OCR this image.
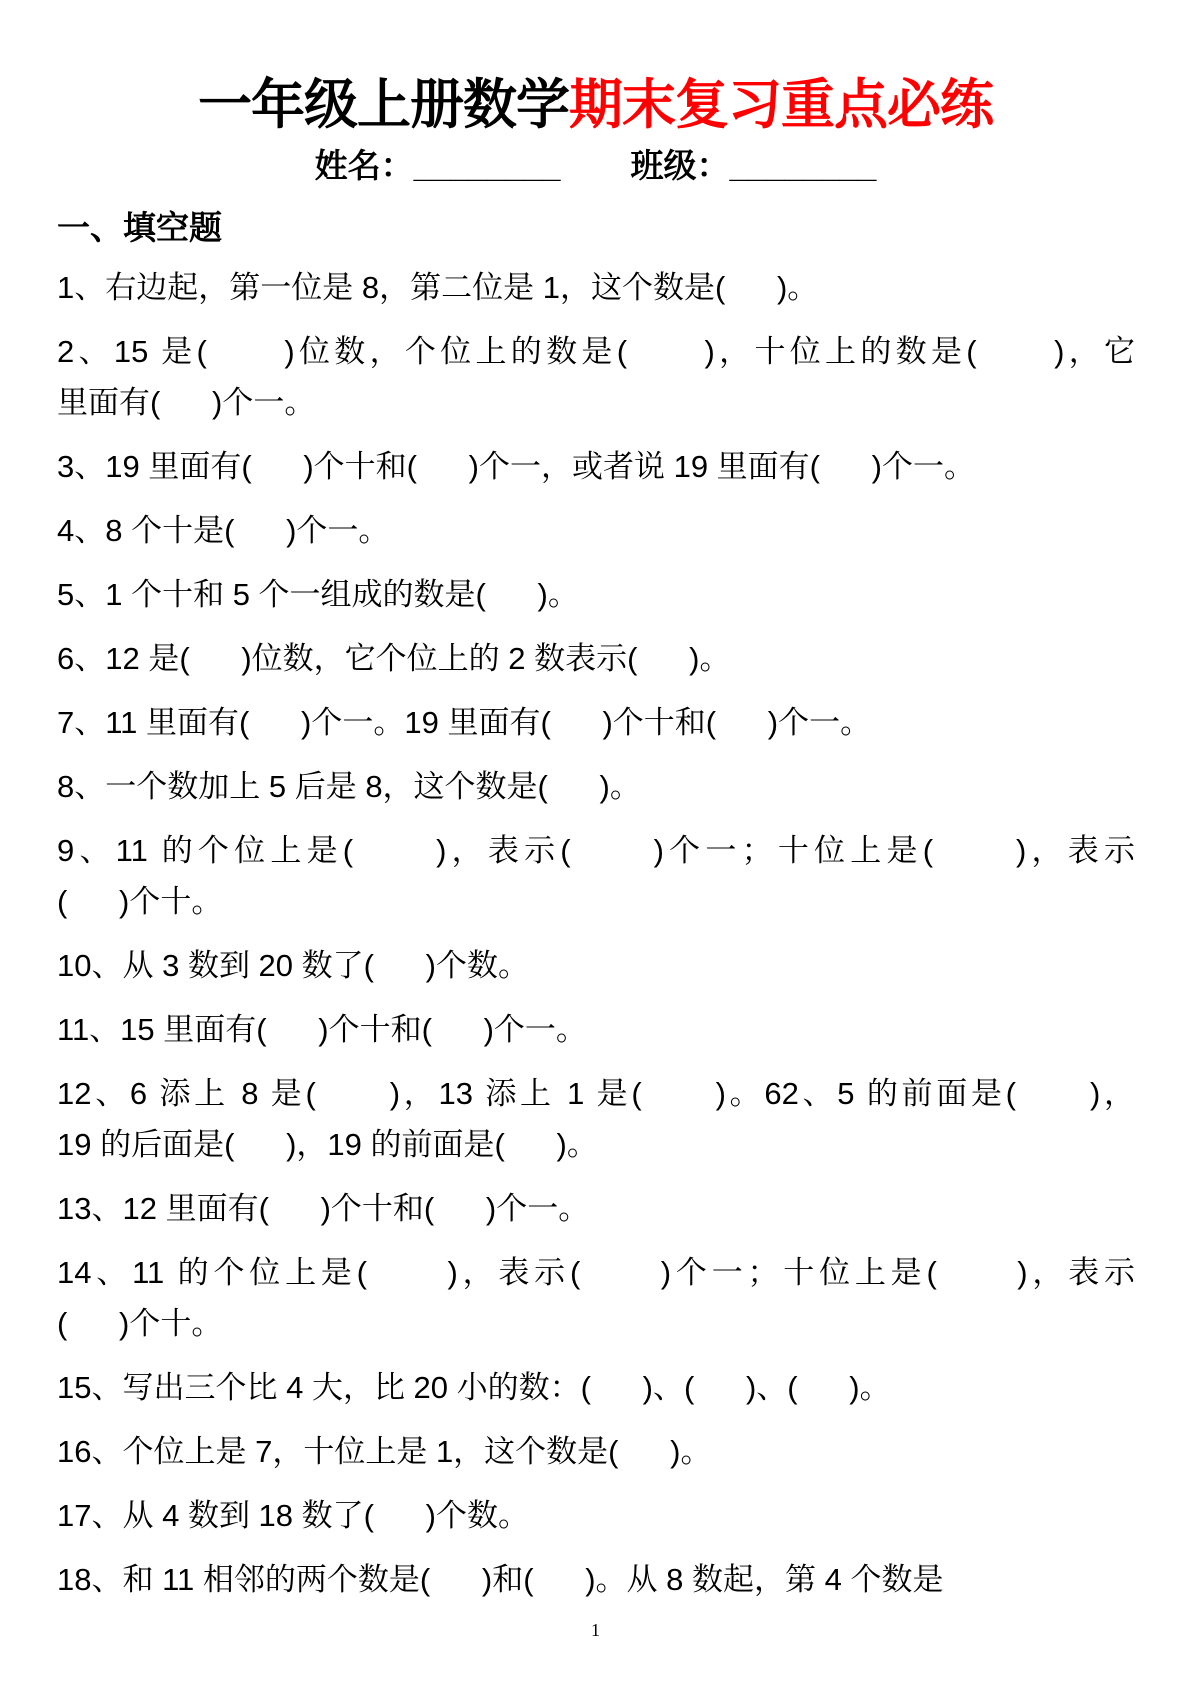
一年级上册数学期末复习重点必练
姓名：________ 班级：________
一、填空题
1、右边起，第一位是 8，第二位是 1，这个数是(      )。
2、15 是(      )位数，个位上的数是(      )，十位上的数是(      )，它
里面有(      )个一。
3、19 里面有(      )个十和(      )个一，或者说 19 里面有(      )个一。
4、8 个十是(      )个一。
5、1 个十和 5 个一组成的数是(      )。
6、12 是(      )位数，它个位上的 2 数表示(      )。
7、11 里面有(      )个一。19 里面有(      )个十和(      )个一。
8、一个数加上 5 后是 8，这个数是(      )。
9、11 的个位上是(      )，表示(      )个一；十位上是(      )，表示
(      )个十。
10、从 3 数到 20 数了(      )个数。
11、15 里面有(      )个十和(      )个一。
12、6 添上 8 是(      )，13 添上 1 是(      )。62、5 的前面是(      )，
19 的后面是(      )，19 的前面是(      )。
13、12 里面有(      )个十和(      )个一。
14、11 的个位上是(      )，表示(      )个一；十位上是(      )，表示
(      )个十。
15、写出三个比 4 大，比 20 小的数：(      )、(      )、(      )。
16、个位上是 7，十位上是 1，这个数是(      )。
17、从 4 数到 18 数了(      )个数。
18、和 11 相邻的两个数是(      )和(      )。从 8 数起，第 4 个数是
1
